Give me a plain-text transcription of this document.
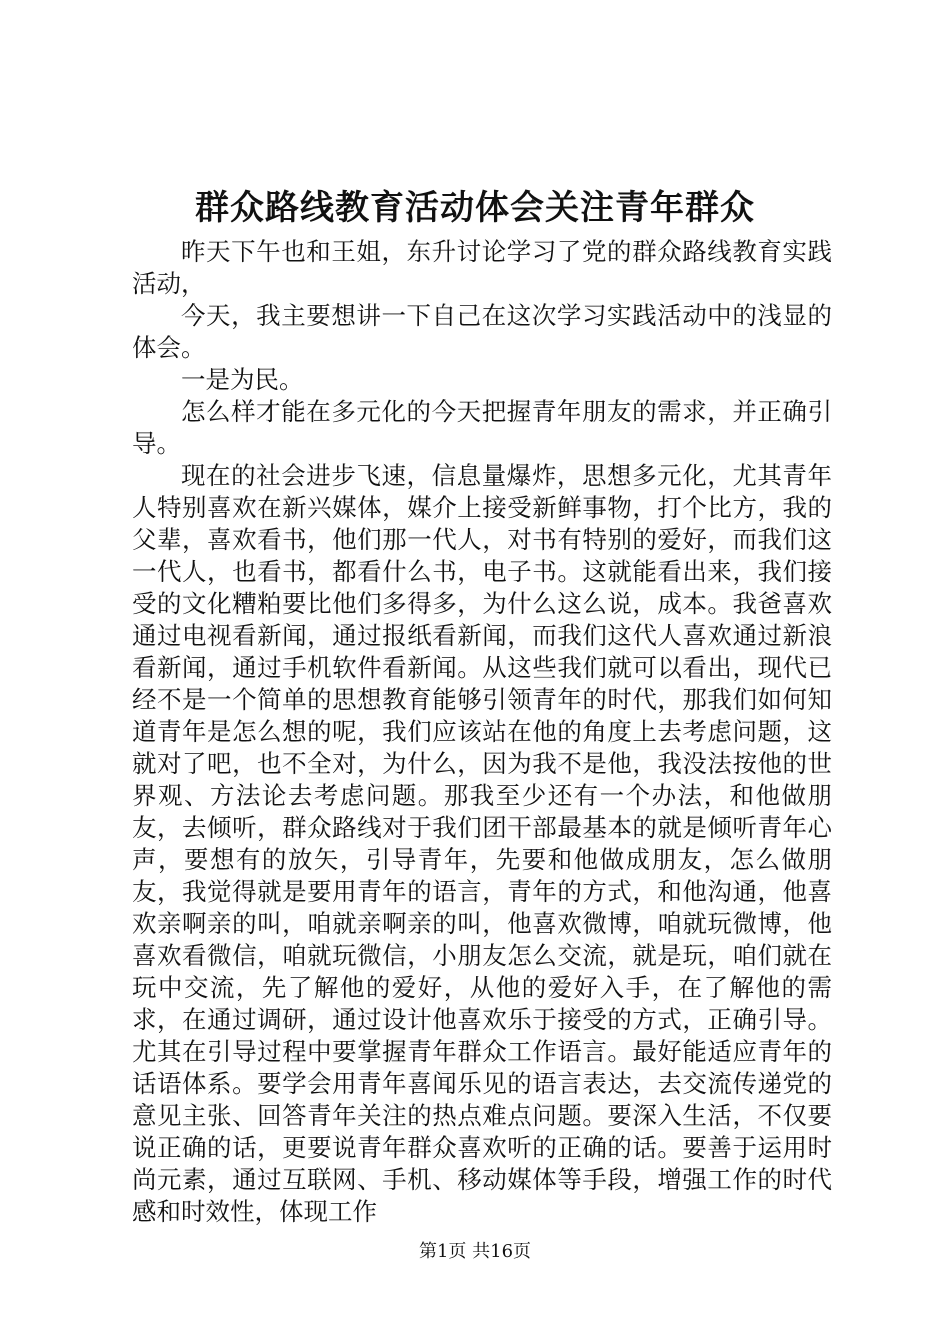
群众路线教育活动体会关注青年群众

昨天下午也和王姐，东升讨论学习了党的群众路线教育实践活动，

今天，我主要想讲一下自己在这次学习实践活动中的浅显的体会。

一是为民。

怎么样才能在多元化的今天把握青年朋友的需求，并正确引导。

现在的社会进步飞速，信息量爆炸，思想多元化，尤其青年人特别喜欢在新兴媒体，媒介上接受新鲜事物，打个比方，我的父辈，喜欢看书，他们那一代人，对书有特别的爱好，而我们这一代人，也看书，都看什么书，电子书。这就能看出来，我们接受的文化糟粕要比他们多得多，为什么这么说，成本。我爸喜欢通过电视看新闻，通过报纸看新闻，而我们这代人喜欢通过新浪看新闻，通过手机软件看新闻。从这些我们就可以看出，现代已经不是一个简单的思想教育能够引领青年的时代，那我们如何知道青年是怎么想的呢，我们应该站在他的角度上去考虑问题，这就对了吧，也不全对，为什么，因为我不是他，我没法按他的世界观、方法论去考虑问题。那我至少还有一个办法，和他做朋友，去倾听，群众路线对于我们团干部最基本的就是倾听青年心声，要想有的放矢，引导青年，先要和他做成朋友，怎么做朋友，我觉得就是要用青年的语言，青年的方式，和他沟通，他喜欢亲啊亲的叫，咱就亲啊亲的叫，他喜欢微博，咱就玩微博，他喜欢看微信，咱就玩微信，小朋友怎么交流，就是玩，咱们就在玩中交流，先了解他的爱好，从他的爱好入手，在了解他的需求，在通过调研，通过设计他喜欢乐于接受的方式，正确引导。尤其在引导过程中要掌握青年群众工作语言。最好能适应青年的话语体系。要学会用青年喜闻乐见的语言表达，去交流传递党的意见主张、回答青年关注的热点难点问题。要深入生活，不仅要说正确的话，更要说青年群众喜欢听的正确的话。要善于运用时尚元素，通过互联网、手机、移动媒体等手段，增强工作的时代感和时效性，体现工作

第1页 共16页
